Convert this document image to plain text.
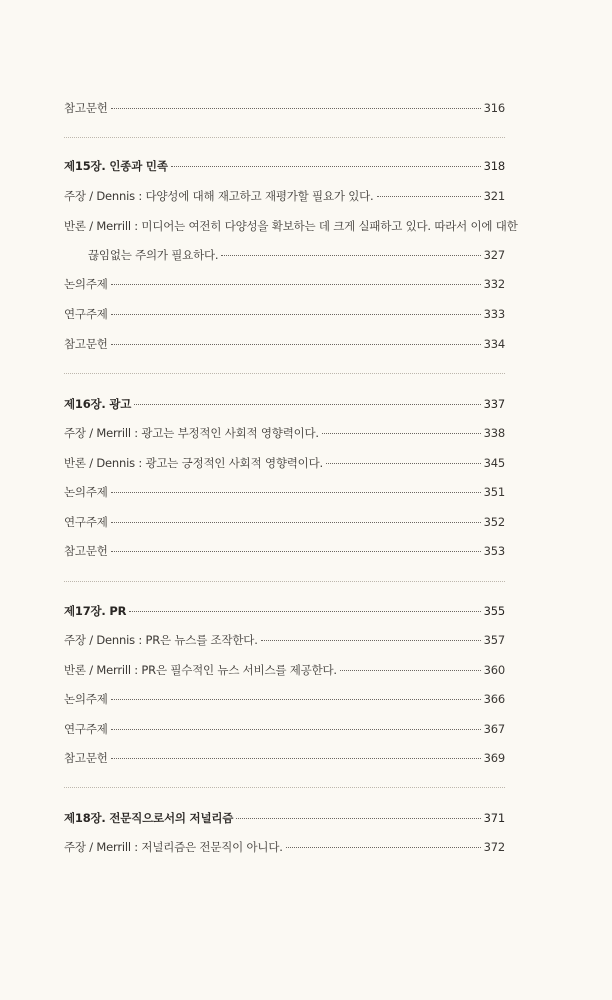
참고문헌	316
제15장. 인종과 민족	318
주장 / Dennis : 다양성에 대해 재고하고 재평가할 필요가 있다.	321
반론 / Merrill : 미디어는 여전히 다양성을 확보하는 데 크게 실패하고 있다. 따라서 이에 대한
끊임없는 주의가 필요하다.	327
논의주제	332
연구주제	333
참고문헌	334
제16장. 광고	337
주장 / Merrill : 광고는 부정적인 사회적 영향력이다.	338
반론 / Dennis : 광고는 긍정적인 사회적 영향력이다.	345
논의주제	351
연구주제	352
참고문헌	353
제17장. PR	355
주장 / Dennis : PR은 뉴스를 조작한다.	357
반론 / Merrill : PR은 필수적인 뉴스 서비스를 제공한다.	360
논의주제	366
연구주제	367
참고문헌	369
제18장. 전문직으로서의 저널리즘	371
주장 / Merrill : 저널리즘은 전문직이 아니다.	372
